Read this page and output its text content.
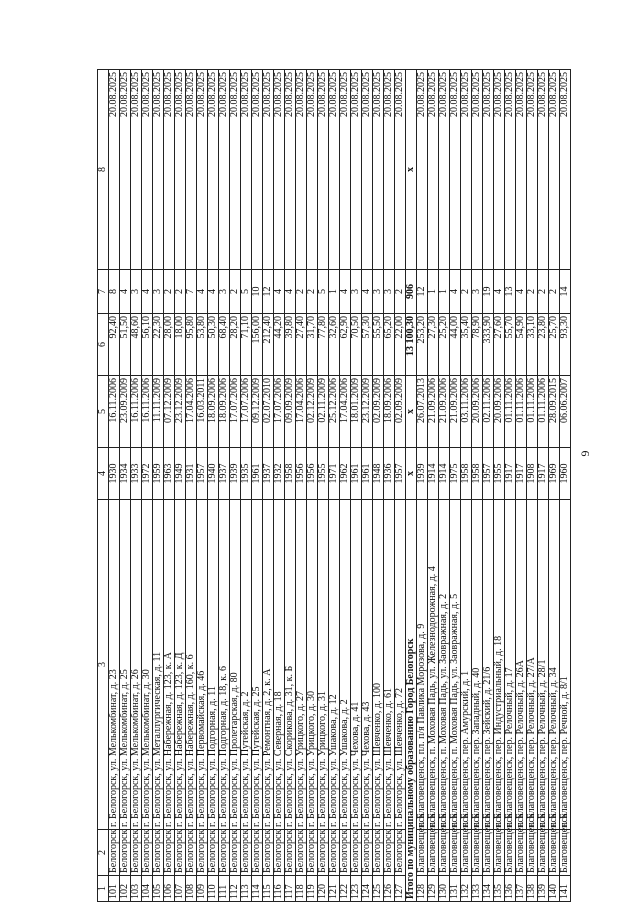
6
1	2	3	4	5	6	7	8
101	Белогорск	г. Белогорск, ул. Мелькомбинат, д. 23	1930	16.11.2006	92,40	8	20.08.2025
102	Белогорск	г. Белогорск, ул. Мелькомбинат, д. 25	1934	23.09.2009	51,50	4	20.08.2025
103	Белогорск	г. Белогорск, ул. Мелькомбинат, д. 26	1933	16.11.2006	48,60	3	20.08.2025
104	Белогорск	г. Белогорск, ул. Мелькомбинат, д. 30	1972	16.11.2006	56,10	4	20.08.2025
105	Белогорск	г. Белогорск, ул. Металлургическая, д. 11	1959	11.11.2009	22,30	3	20.08.2025
106	Белогорск	г. Белогорск, ул. Набережная, д. 123, к. А	1963	07.12.2009	28,00	2	20.08.2025
107	Белогорск	г. Белогорск, ул. Набережная, д. 123, к. Д	1949	23.12.2009	18,00	2	20.08.2025
108	Белогорск	г. Белогорск, ул. Набережная, д. 160, к. 6	1931	17.04.2006	95,80	7	20.08.2025
109	Белогорск	г. Белогорск, ул. Первомайская, д. 46	1957	16.03.2011	53,80	4	20.08.2025
110	Белогорск	г. Белогорск, ул. Подгорная, д. 11	1940	18.09.2006	50,30	4	20.08.2025
111	Белогорск	г. Белогорск, ул. Подгорная, д. 18, к. 6	1937	18.09.2006	68,40	3	20.08.2025
112	Белогорск	г. Белогорск, ул. Пролетарская, д. 80	1939	17.07.2006	28,20	2	20.08.2025
113	Белогорск	г. Белогорск, ул. Путейская, д. 2	1935	17.07.2006	71,10	5	20.08.2025
114	Белогорск	г. Белогорск, ул. Путейская, д. 25	1961	09.12.2009	156,00	10	20.08.2025
115	Белогорск	г. Белогорск, ул. Ремонтная, д. 2, к. А	1937	02.07.2010	212,40	12	20.08.2025
116	Белогорск	г. Белогорск, ул. Северная, д. 18	1932	17.07.2006	44,20	4	20.08.2025
117	Белогорск	г. Белогорск, ул. Скорикова, д. 31, к. Б	1958	09.09.2009	39,80	4	20.08.2025
118	Белогорск	г. Белогорск, ул. Урицкого, д. 27	1956	17.04.2006	27,40	2	20.08.2025
119	Белогорск	г. Белогорск, ул. Урицкого, д. 30	1956	02.12.2009	31,70	2	20.08.2025
120	Белогорск	г. Белогорск, ул. Урицкого, д. 31	1955	02.11.2009	77,80	5	20.08.2025
121	Белогорск	г. Белогорск, ул. Ушакова, д. 12	1971	25.12.2006	32,60	1	20.08.2025
122	Белогорск	г. Белогорск, ул. Ушакова, д. 2	1962	17.04.2006	62,90	4	20.08.2025
123	Белогорск	г. Белогорск, ул. Чехова, д. 41	1961	18.01.2009	70,50	3	20.08.2025
124	Белогорск	г. Белогорск, ул. Чехова, д. 43	1961	23.12.2009	57,30	4	20.08.2025
125	Белогорск	г. Белогорск, ул. Шевченко, д. 100	1948	02.09.2009	55,50	3	20.08.2025
126	Белогорск	г. Белогорск, ул. Шевченко, д. 61	1936	18.09.2006	65,20	3	20.08.2025
127	Белогорск	г. Белогорск, ул. Шевченко, д. 72	1957	02.09.2009	22,00	2	20.08.2025
Итого по муниципальному образованию Город Белогорск			х	х	13 100,30	906	х
128	Благовещенск	г. Благовещенск, пл. п/я Павлика Морозова, д. 9	1939	26.07.2013	253,20	12	20.08.2025
129	Благовещенск	г. Благовещенск, п. Моховая Падь, ул. Железнодорожная, д. 4	1914	21.09.2006	27,30	1	20.08.2025
130	Благовещенск	г. Благовещенск, п. Моховая Падь, ул. Заовражная, д. 2	1914	21.09.2006	25,20	1	20.08.2025
131	Благовещенск	г. Благовещенск, п. Моховая Падь, ул. Заовражная, д. 5	1975	21.09.2006	44,00	4	20.08.2025
132	Благовещенск	г. Благовещенск, пер. Амурский, д. 1	1958	03.11.2006	35,40	2	20.08.2025
133	Благовещенск	г. Благовещенск, пер. Западный, д. 40	1958	20.09.2006	78,90	3	20.08.2025
134	Благовещенск	г. Благовещенск, пер. Зейский, д. 21/6	1957	02.11.2006	333,90	19	20.08.2025
135	Благовещенск	г. Благовещенск, пер. Индустриальный, д. 18	1955	20.09.2006	27,60	4	20.08.2025
136	Благовещенск	г. Благовещенск, пер. Релочный, д. 17	1917	01.11.2006	55,70	13	20.08.2025
137	Благовещенск	г. Благовещенск, пер. Релочный, д. 26А	1917	01.11.2006	54,90	4	20.08.2025
138	Благовещенск	г. Благовещенск, пер. Релочный, д. 27/А	1908	01.11.2006	33,10	2	20.08.2025
139	Благовещенск	г. Благовещенск, пер. Релочный, д. 28/1	1917	01.11.2006	23,80	2	20.08.2025
140	Благовещенск	г. Благовещенск, пер. Релочный, д. 34	1969	28.09.2015	25,70	2	20.08.2025
141	Благовещенск	г. Благовещенск, пер. Речной, д. 8/1	1960	06.06.2007	93,30	14	20.08.2025
